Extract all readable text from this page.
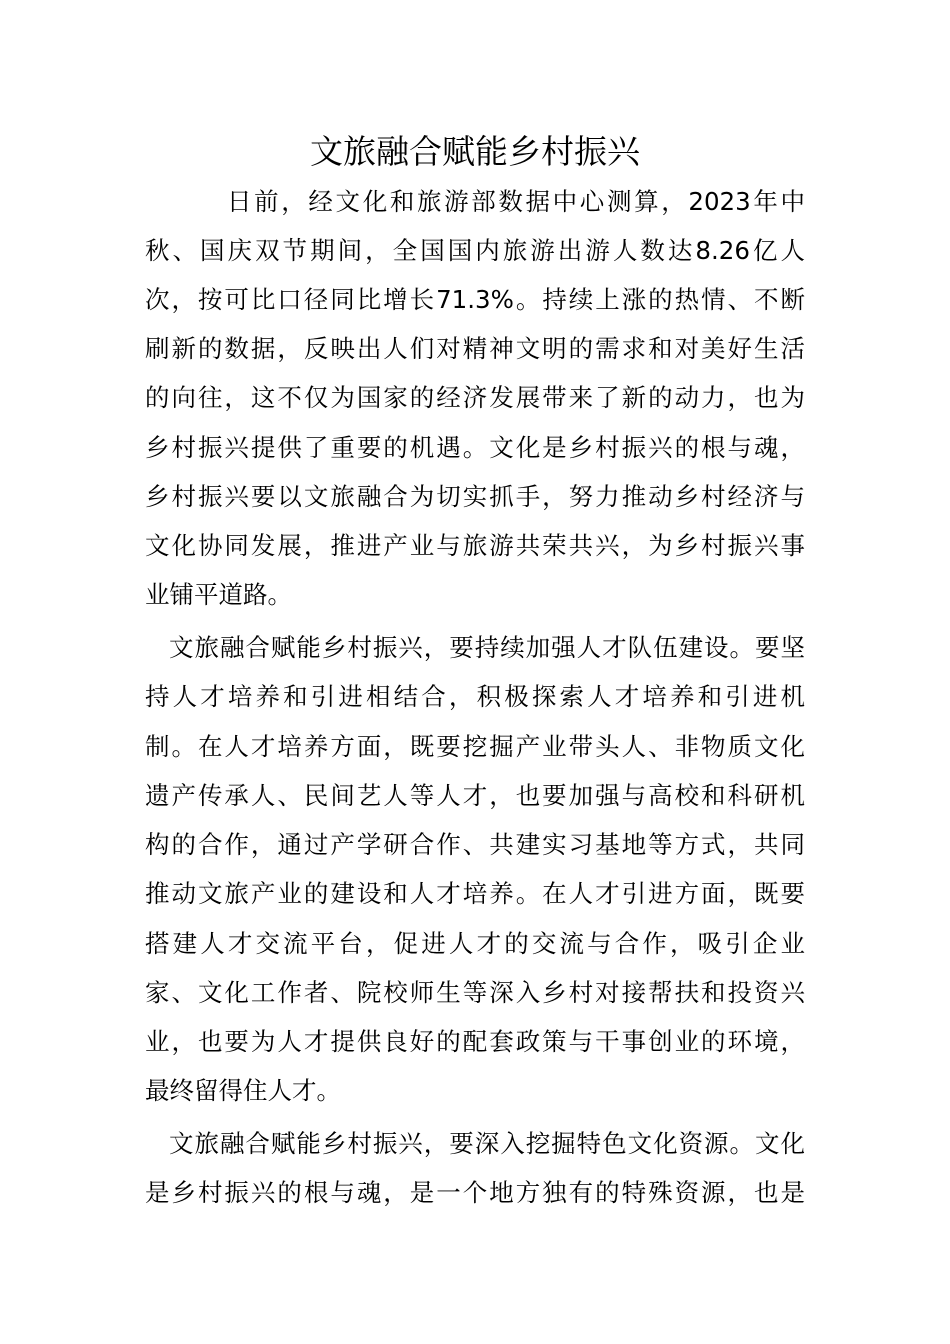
文旅融合赋能乡村振兴

日前，经文化和旅游部数据中心测算，2023年中

秋、国庆双节期间，全国国内旅游出游人数达8.26亿人

次，按可比口径同比增长71.3%。持续上涨的热情、不断

刷新的数据，反映出人们对精神文明的需求和对美好生活

的向往，这不仅为国家的经济发展带来了新的动力，也为

乡村振兴提供了重要的机遇。文化是乡村振兴的根与魂，

乡村振兴要以文旅融合为切实抓手，努力推动乡村经济与

文化协同发展，推进产业与旅游共荣共兴，为乡村振兴事

业铺平道路。

文旅融合赋能乡村振兴，要持续加强人才队伍建设。要坚

持人才培养和引进相结合，积极探索人才培养和引进机

制。在人才培养方面，既要挖掘产业带头人、非物质文化

遗产传承人、民间艺人等人才，也要加强与高校和科研机

构的合作，通过产学研合作、共建实习基地等方式，共同

推动文旅产业的建设和人才培养。在人才引进方面，既要

搭建人才交流平台，促进人才的交流与合作，吸引企业

家、文化工作者、院校师生等深入乡村对接帮扶和投资兴

业，也要为人才提供良好的配套政策与干事创业的环境，

最终留得住人才。

文旅融合赋能乡村振兴，要深入挖掘特色文化资源。文化

是乡村振兴的根与魂，是一个地方独有的特殊资源，也是
